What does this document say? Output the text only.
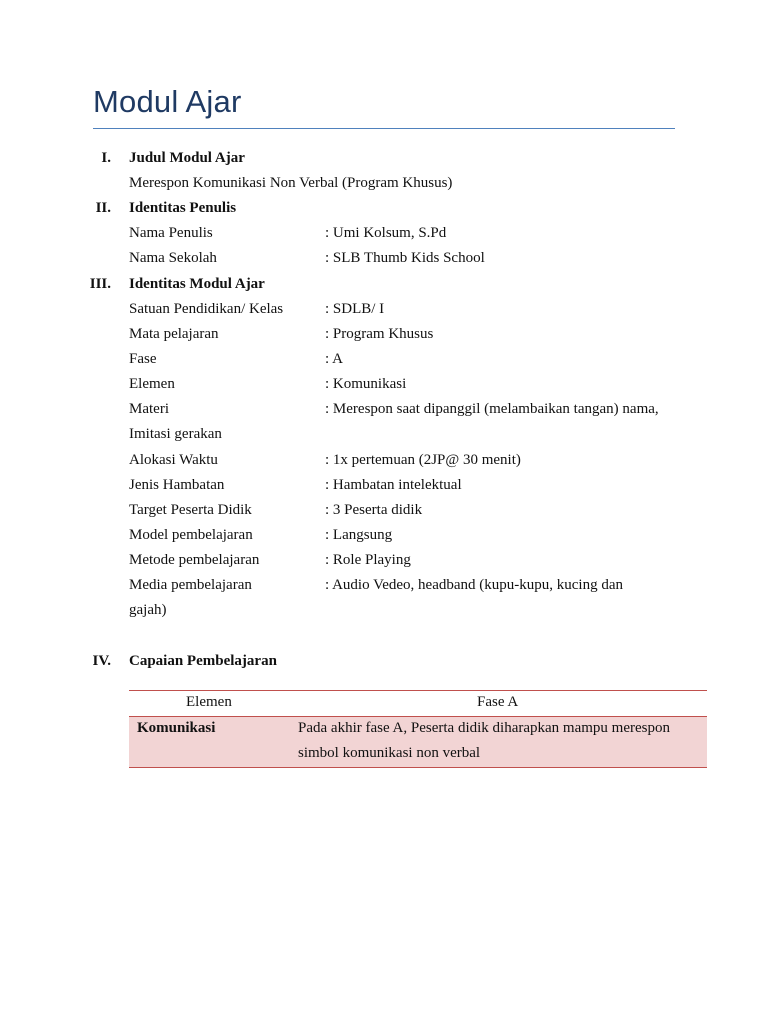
Modul Ajar
I. Judul Modul Ajar
Merespon Komunikasi Non Verbal (Program Khusus)
II. Identitas Penulis
Nama Penulis	: Umi Kolsum, S.Pd
Nama Sekolah	: SLB Thumb Kids School
III. Identitas Modul Ajar
Satuan Pendidikan/ Kelas	: SDLB/ I
Mata pelajaran	: Program Khusus
Fase	: A
Elemen	: Komunikasi
Materi	: Merespon saat dipanggil (melambaikan tangan) nama,
Imitasi gerakan
Alokasi Waktu	: 1x pertemuan (2JP@ 30 menit)
Jenis Hambatan	: Hambatan intelektual
Target Peserta Didik	: 3 Peserta didik
Model pembelajaran	: Langsung
Metode pembelajaran	: Role Playing
Media pembelajaran	: Audio Vedeo, headband (kupu-kupu, kucing dan
gajah)
IV. Capaian Pembelajaran
Elemen	Fase A
Komunikasi	Pada akhir fase A, Peserta didik diharapkan mampu merespon
simbol komunikasi non verbal
